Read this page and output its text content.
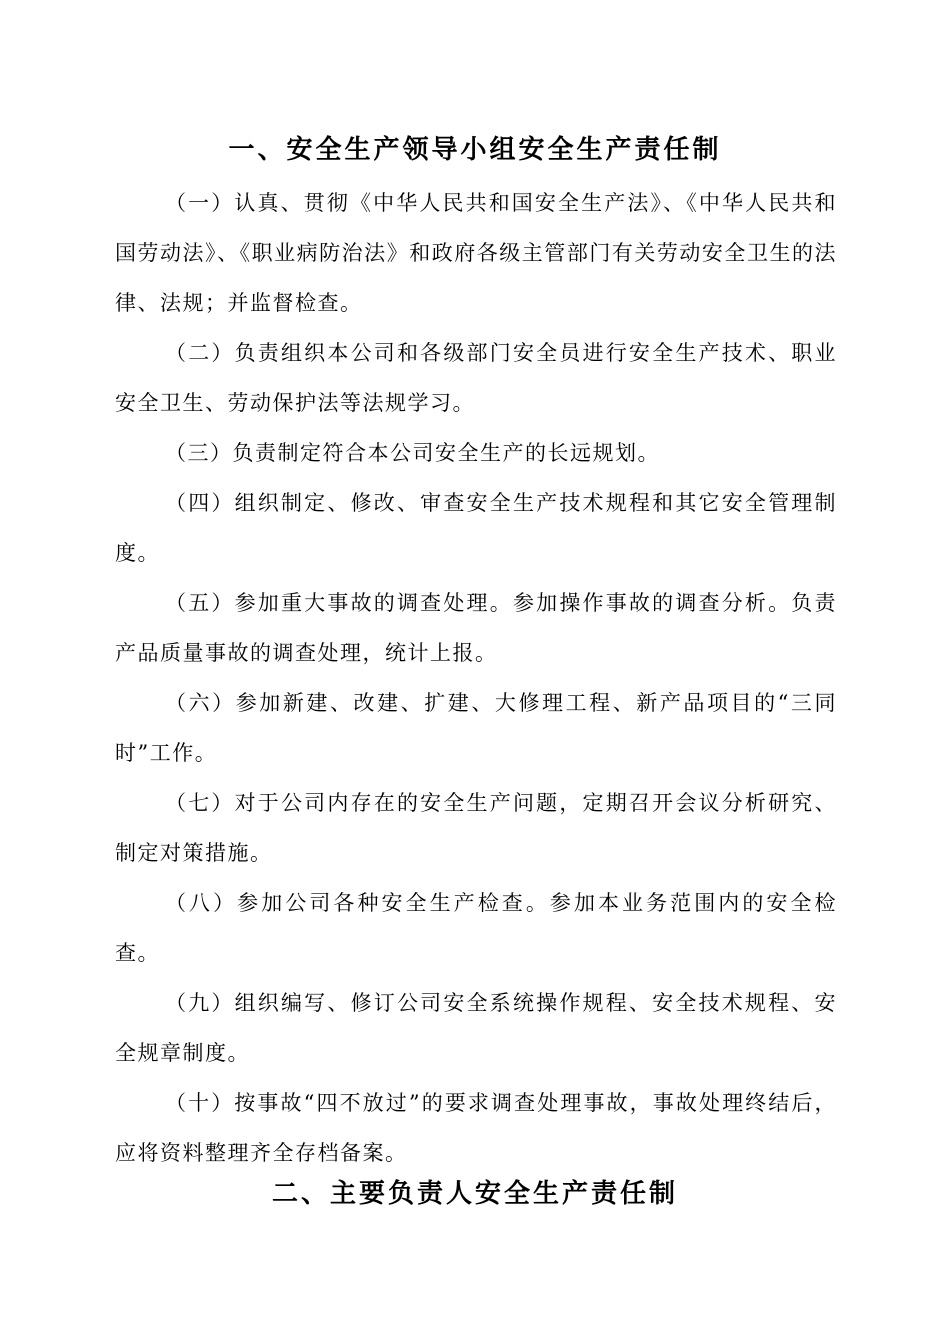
一、安全生产领导小组安全生产责任制

（一）认真、贯彻《中华人民共和国安全生产法》、《中华人民共和国劳动法》、《职业病防治法》和政府各级主管部门有关劳动安全卫生的法律、法规；并监督检查。

（二）负责组织本公司和各级部门安全员进行安全生产技术、职业安全卫生、劳动保护法等法规学习。

（三）负责制定符合本公司安全生产的长远规划。

（四）组织制定、修改、审查安全生产技术规程和其它安全管理制度。

（五）参加重大事故的调查处理。参加操作事故的调查分析。负责产品质量事故的调查处理，统计上报。

（六）参加新建、改建、扩建、大修理工程、新产品项目的“三同时”工作。

（七）对于公司内存在的安全生产问题，定期召开会议分析研究、制定对策措施。

（八）参加公司各种安全生产检查。参加本业务范围内的安全检查。

（九）组织编写、修订公司安全系统操作规程、安全技术规程、安全规章制度。

（十）按事故“四不放过”的要求调查处理事故，事故处理终结后，应将资料整理齐全存档备案。

二、主要负责人安全生产责任制
